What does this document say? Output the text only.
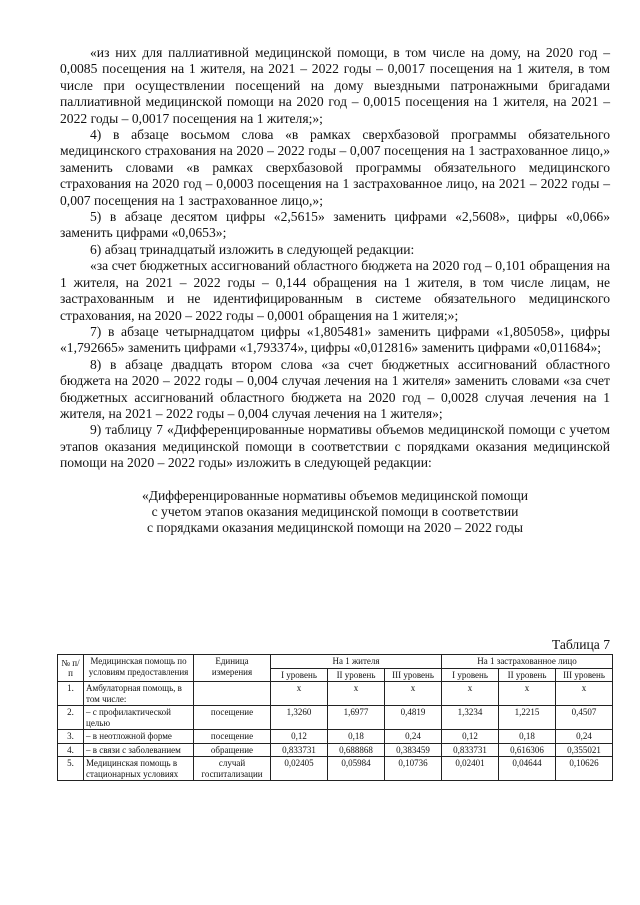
«из них для паллиативной медицинской помощи, в том числе на дому, на 2020 год – 0,0085 посещения на 1 жителя, на 2021 – 2022 годы – 0,0017 посещения на 1 жителя, в том числе при осуществлении посещений на дому выездными патронажными бригадами паллиативной медицинской помощи на 2020 год – 0,0015 посещения на 1 жителя, на 2021 – 2022 годы – 0,0017 посещения на 1 жителя;»;

4) в абзаце восьмом слова «в рамках сверхбазовой программы обязательного медицинского страхования на 2020 – 2022 годы – 0,007 посещения на 1 застрахованное лицо,» заменить словами «в рамках сверхбазовой программы обязательного медицинского страхования на 2020 год – 0,0003 посещения на 1 застрахованное лицо, на 2021 – 2022 годы – 0,007 посещения на 1 застрахованное лицо,»;

5) в абзаце десятом цифры «2,5615» заменить цифрами «2,5608», цифры «0,066» заменить цифрами «0,0653»;

6) абзац тринадцатый изложить в следующей редакции:

«за счет бюджетных ассигнований областного бюджета на 2020 год – 0,101 обращения на 1 жителя, на 2021 – 2022 годы – 0,144 обращения на 1 жителя, в том числе лицам, не застрахованным и не идентифицированным в системе обязательного медицинского страхования, на 2020 – 2022 годы – 0,0001 обращения на 1 жителя;»;

7) в абзаце четырнадцатом цифры «1,805481» заменить цифрами «1,805058», цифры «1,792665» заменить цифрами «1,793374», цифры «0,012816» заменить цифрами «0,011684»;

8) в абзаце двадцать втором слова «за счет бюджетных ассигнований областного бюджета на 2020 – 2022 годы – 0,004 случая лечения на 1 жителя» заменить словами «за счет бюджетных ассигнований областного бюджета на 2020 год – 0,0028 случая лечения на 1 жителя, на 2021 – 2022 годы – 0,004 случая лечения на 1 жителя»;

9) таблицу 7 «Дифференцированные нормативы объемов медицинской помощи с учетом этапов оказания медицинской помощи в соответствии с порядками оказания медицинской помощи на 2020 – 2022 годы» изложить в следующей редакции:

«Дифференцированные нормативы объемов медицинской помощи
с учетом этапов оказания медицинской помощи в соответствии
с порядками оказания медицинской помощи на 2020 – 2022 годы
Таблица 7
№ п/п	Медицинская помощь по условиям предоставления	Единица измерения	На 1 жителя			На 1 застрахованное лицо		
			I уровень	II уровень	III уровень	I уровень	II уровень	III уровень
1.	Амбулаторная помощь, в том числе:		x	x	x	x	x	x
2.	– с профилактической целью	посещение	1,3260	1,6977	0,4819	1,3234	1,2215	0,4507
3.	– в неотложной форме	посещение	0,12	0,18	0,24	0,12	0,18	0,24
4.	– в связи с заболеванием	обращение	0,833731	0,688868	0,383459	0,833731	0,616306	0,355021
5.	Медицинская помощь в стационарных условиях	случай госпитализации	0,02405	0,05984	0,10736	0,02401	0,04644	0,10626
